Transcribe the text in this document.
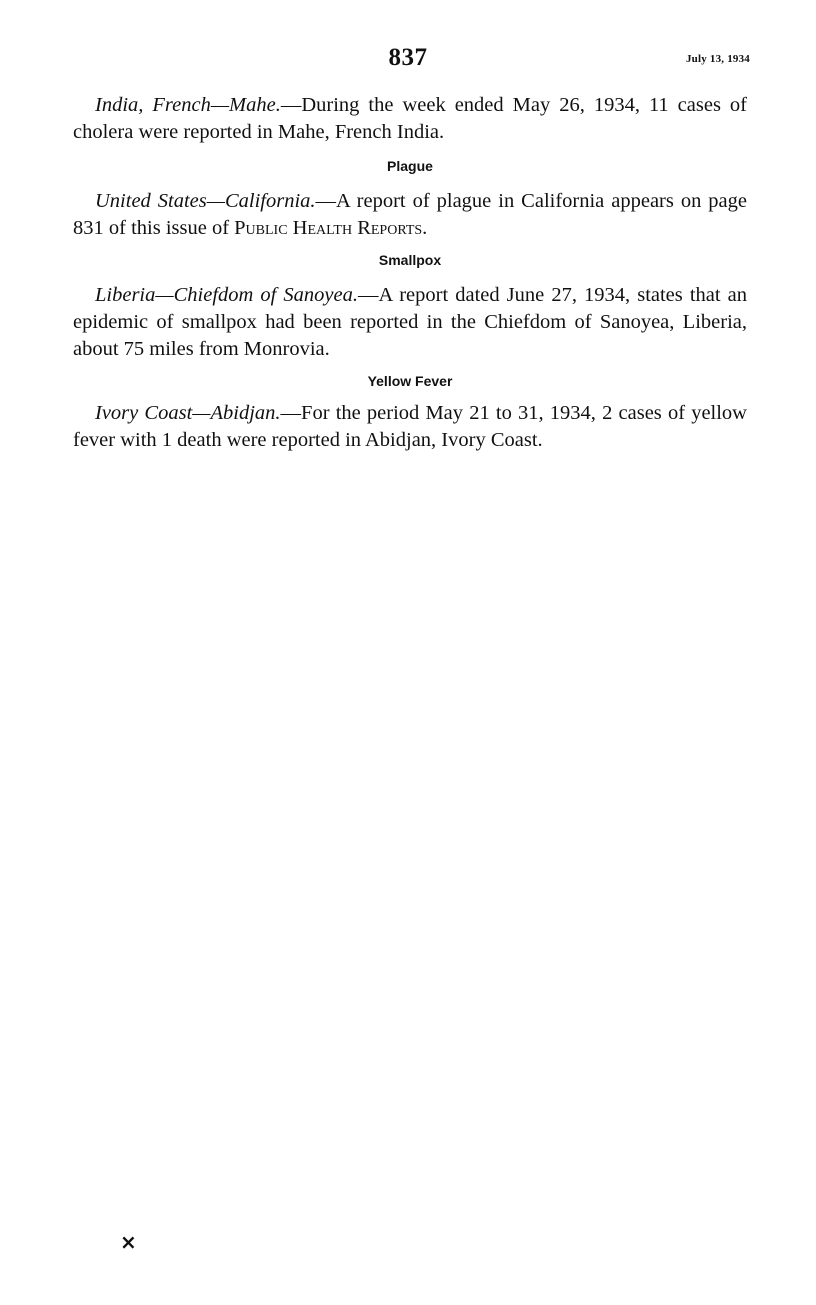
837	July 13, 1934

India, French—Mahe.—During the week ended May 26, 1934, 11 cases of cholera were reported in Mahe, French India.

Plague

United States—California.—A report of plague in California appears on page 831 of this issue of Public Health Reports.

Smallpox

Liberia—Chiefdom of Sanoyea.—A report dated June 27, 1934, states that an epidemic of smallpox had been reported in the Chiefdom of Sanoyea, Liberia, about 75 miles from Monrovia.

Yellow Fever

Ivory Coast—Abidjan.—For the period May 21 to 31, 1934, 2 cases of yellow fever with 1 death were reported in Abidjan, Ivory Coast.

×
